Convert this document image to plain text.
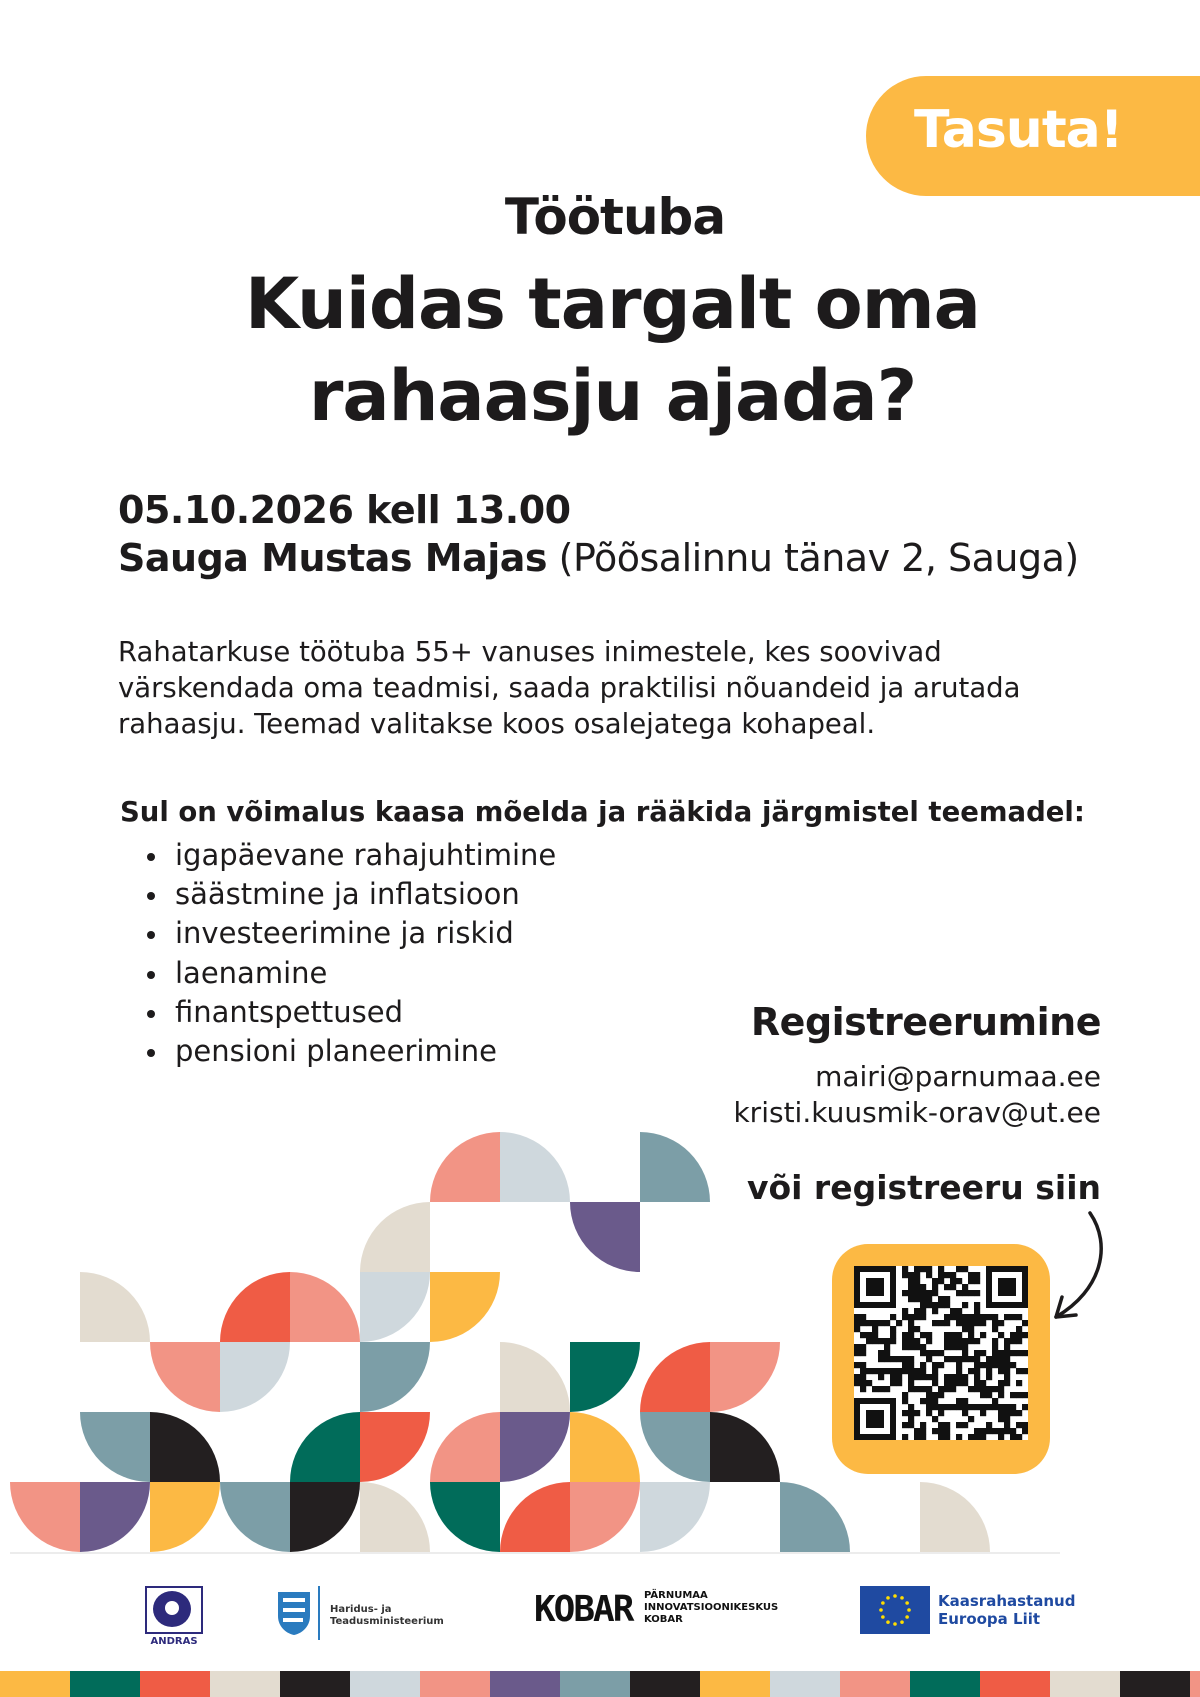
Tasuta!
Töötuba
Kuidas targalt oma
rahaasju ajada?
05.10.2026 kell 13.00
Sauga Mustas Majas (Põõsalinnu tänav 2, Sauga)
Rahatarkuse töötuba 55+ vanuses inimestele, kes soovivad värskendada oma teadmisi, saada praktilisi nõuandeid ja arutada rahaasju. Teemad valitakse koos osalejatega kohapeal.
Sul on võimalus kaasa mõelda ja rääkida järgmistel teemadel:
igapäevane rahajuhtimine
säästmine ja inflatsioon
investeerimine ja riskid
laenamine
finantspettused
pensioni planeerimine
Registreerumine
mairi@parnumaa.ee
kristi.kuusmik-orav@ut.ee
või registreeru siin
ANDRAS
Haridus- ja
Teadusministeerium	KOBAR PÄRNUMAA
INNOVATSIOONIKESKUS
KOBAR
Kaasrahastanud
Euroopa Liit
